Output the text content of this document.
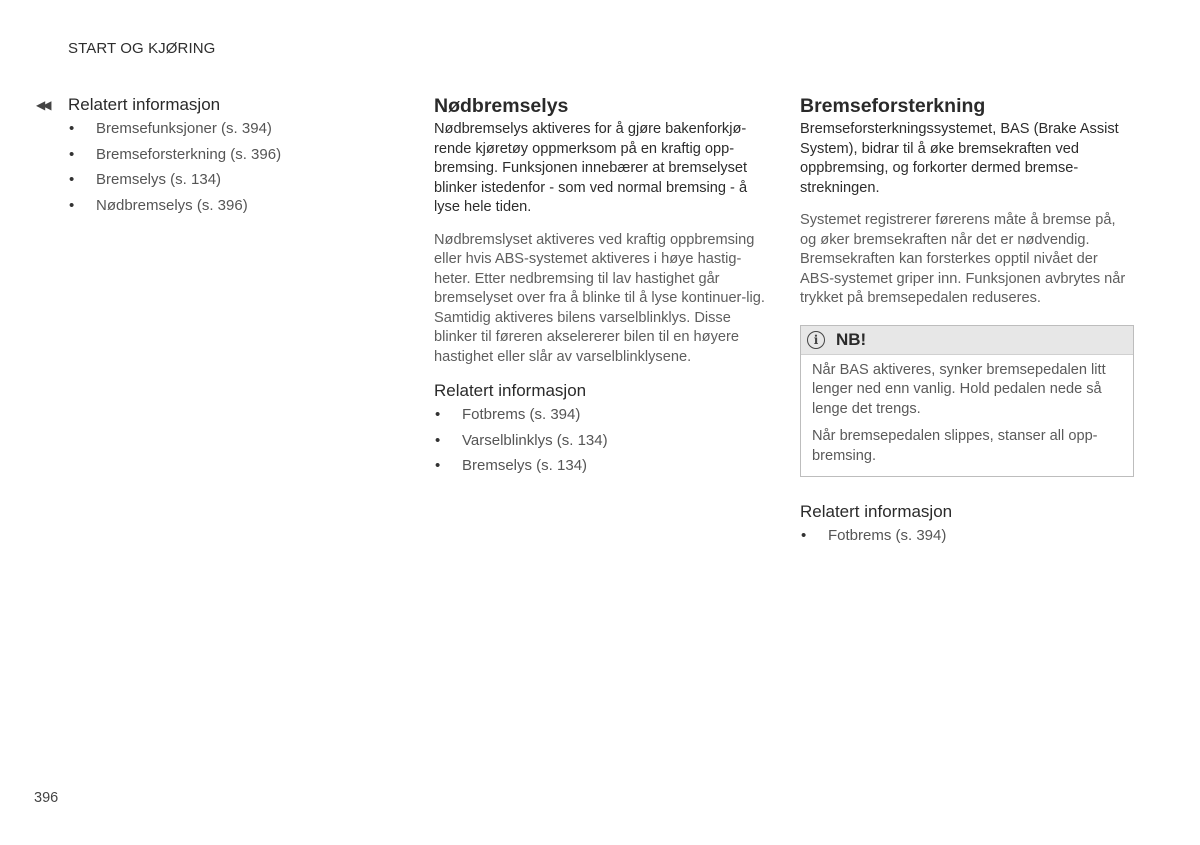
START OG KJØRING
◀◀ Relatert informasjon
• Bremsefunksjoner (s. 394)
• Bremseforsterkning (s. 396)
• Bremselys (s. 134)
• Nødbremselys (s. 396)
Nødbremselys

Nødbremselys aktiveres for å gjøre bakenforkjø-rende kjøretøy oppmerksom på en kraftig opp-bremsing. Funksjonen innebærer at bremselyset blinker istedenfor - som ved normal bremsing - å lyse hele tiden.

Nødbremslyset aktiveres ved kraftig oppbremsing eller hvis ABS-systemet aktiveres i høye hastig-heter. Etter nedbremsing til lav hastighet går bremselyset over fra å blinke til å lyse kontinuer-lig. Samtidig aktiveres bilens varselblinklys. Disse blinker til føreren akselererer bilen til en høyere hastighet eller slår av varselblinklysene.

Relatert informasjon
• Fotbrems (s. 394)
• Varselblinklys (s. 134)
• Bremselys (s. 134)
Bremseforsterkning

Bremseforsterkningssystemet, BAS (Brake Assist System), bidrar til å øke bremsekraften ved oppbremsing, og forkorter dermed bremse-strekningen.

Systemet registrerer førerens måte å bremse på, og øker bremsekraften når det er nødvendig. Bremsekraften kan forsterkes opptil nivået der ABS-systemet griper inn. Funksjonen avbrytes når trykket på bremsepedalen reduseres.

i	NB!

Når BAS aktiveres, synker bremsepedalen litt lenger ned enn vanlig. Hold pedalen nede så lenge det trengs.

Når bremsepedalen slippes, stanser all opp-bremsing.

Relatert informasjon
• Fotbrems (s. 394)
396
